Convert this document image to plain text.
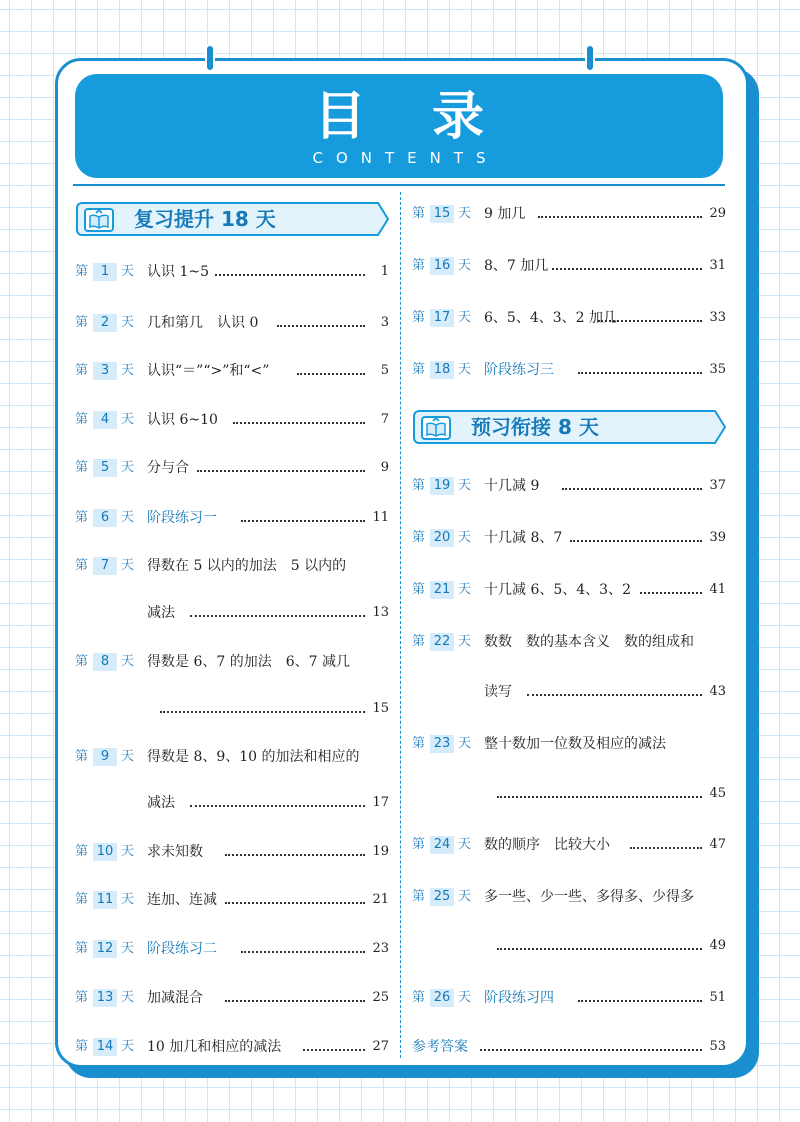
目 录
CONTENTS
复习提升 18 天
预习衔接 8 天
第 1 天 认识 1~5	1
第 2 天 几和第几　认识 0	3
第 3 天 认识“＝”“>”和“<”	5
第 4 天 认识 6~10	7
第 5 天 分与合	9
第 6 天 阶段练习一	11
第 7 天 得数在 5 以内的加法　5 以内的
减法	13
第 8 天 得数是 6、7 的加法　6、7 减几
15
第 9 天 得数是 8、9、10 的加法和相应的
减法	17
第 10 天 求未知数	19
第 11 天 连加、连减	21
第 12 天 阶段练习二	23
第 13 天 加减混合	25
第 14 天 10 加几和相应的减法	27
第 15 天 9 加几	29
第 16 天 8、7 加几	31
第 17 天 6、5、4、3、2 加几	33
第 18 天 阶段练习三	35
第 19 天 十几减 9	37
第 20 天 十几减 8、7	39
第 21 天 十几减 6、5、4、3、2	41
第 22 天 数数　数的基本含义　数的组成和
读写	43
第 23 天 整十数加一位数及相应的减法
45
第 24 天 数的顺序　比较大小	47
第 25 天 多一些、少一些、多得多、少得多
49
第 26 天 阶段练习四	51
参考答案	53
